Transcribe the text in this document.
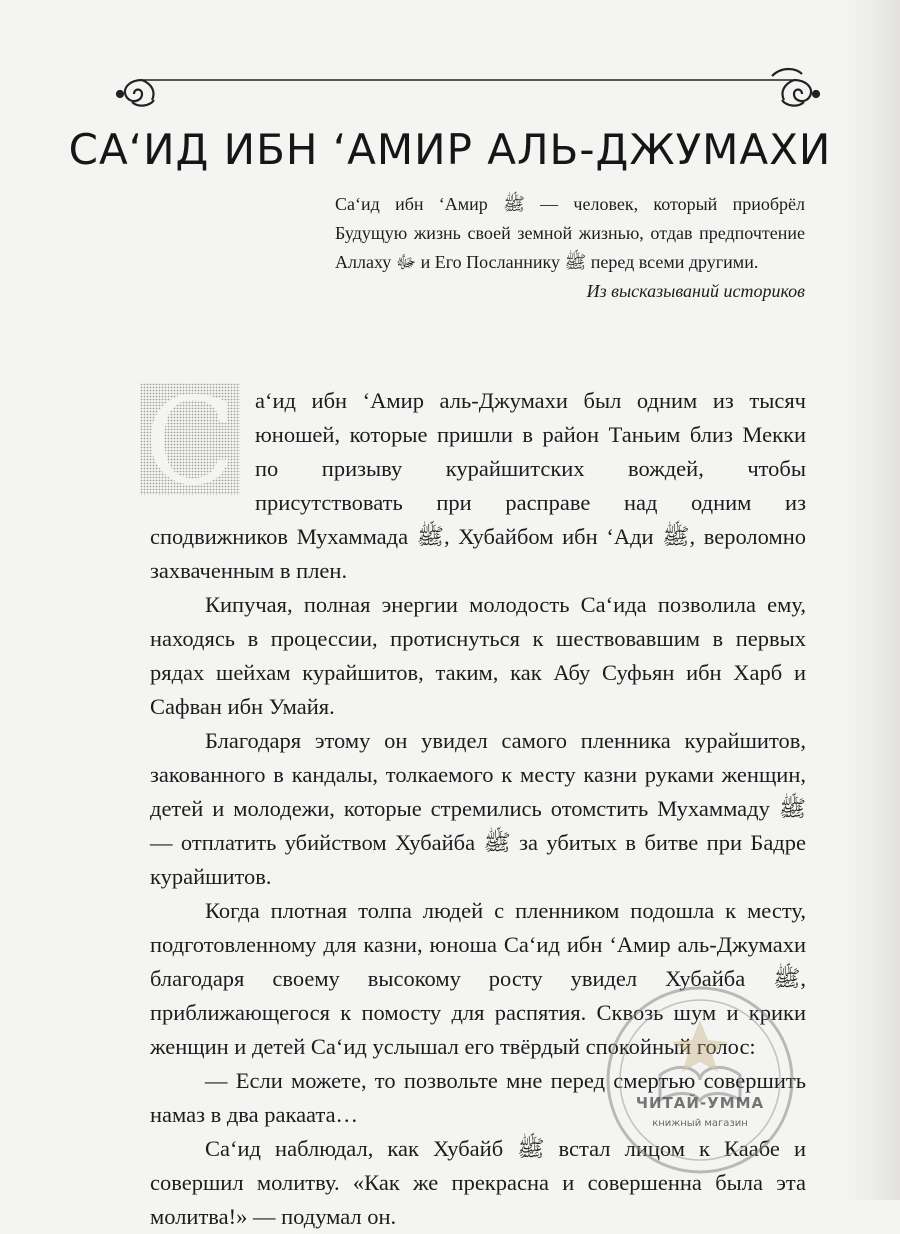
СА‘ИД ИБН ‘АМИР АЛЬ-ДЖУМАХИ
Са‘ид ибн ‘Амир ﷺ — человек, который приобрёл Будущую жизнь своей земной жизнью, отдав предпочтение Аллаху ﷻ и Его Посланнику ﷺ перед всеми другими.
Из высказываний историков
С а‘ид ибн ‘Амир аль-Джумахи был одним из тысяч юношей, которые пришли в район Таньим близ Мекки по призыву курайшитских вождей, чтобы присутствовать при расправе над одним из сподвижников Мухаммада ﷺ, Хубайбом ибн ‘Ади ﷺ, вероломно захваченным в плен.

Кипучая, полная энергии молодость Са‘ида позволила ему, находясь в процессии, протиснуться к шествовавшим в первых рядах шейхам курайшитов, таким, как Абу Суфьян ибн Харб и Сафван ибн Умайя.

Благодаря этому он увидел самого пленника курайшитов, закованного в кандалы, толкаемого к месту казни руками женщин, детей и молодежи, которые стремились отомстить Мухаммаду ﷺ — отплатить убийством Хубайба ﷺ за убитых в битве при Бадре курайшитов.

Когда плотная толпа людей с пленником подошла к месту, подготовленному для казни, юноша Са‘ид ибн ‘Амир аль-Джумахи благодаря своему высокому росту увидел Хубайба ﷺ, приближающегося к помосту для распятия. Сквозь шум и крики женщин и детей Са‘ид услышал его твёрдый спокойный голос:

— Если можете, то позвольте мне перед смертью совершить намаз в два ракаата…

Са‘ид наблюдал, как Хубайб ﷺ встал лицом к Каабе и совершил молитву. «Как же прекрасна и совершенна была эта молитва!» — подумал он.

ЧИТАЙ-УММА
книжный магазин
